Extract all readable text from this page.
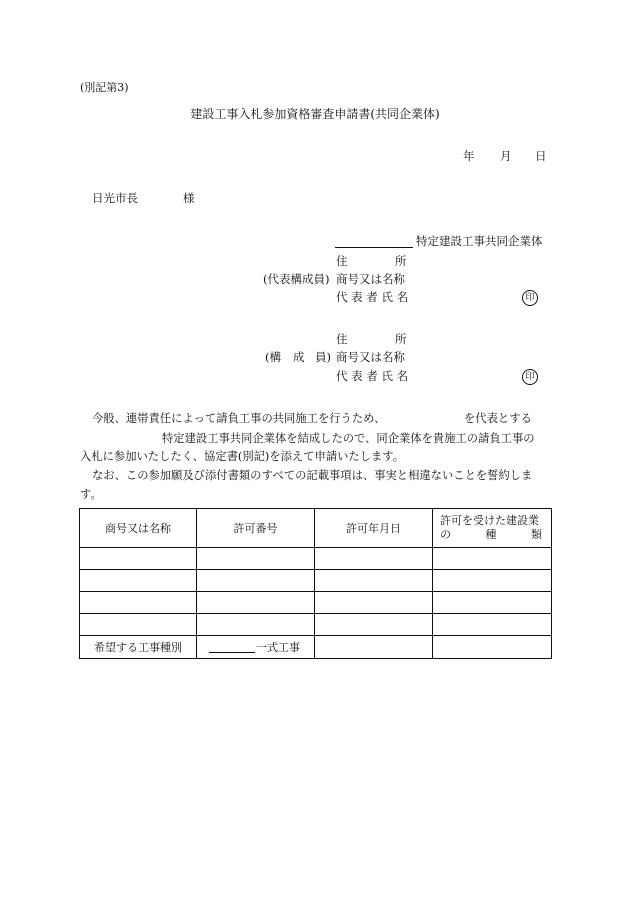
(別記第3)
建設工事入札参加資格審査申請書(共同企業体)
年 月 日
日光市長	様
特定建設工事共同企業体
住	所
(代表構成員) 商号又は名称
代 表 者 氏 名	印
住	所
(構 成 員) 商号又は名称
代 表 者 氏 名	印
今般、連帯責任によって請負工事の共同施工を行うため、	を代表とする
特定建設工事共同企業体を結成したので、同企業体を貴施工の請負工事の
入札に参加いたしたく、協定書(別記)を添えて申請いたします。
なお、この参加願及び添付書類のすべての記載事項は、事実と相違ないことを誓約しま
す。
商号又は名称	許可番号	許可年月日	許可を受けた建設業
の 種 類

希望する工事種別	一式工事		
